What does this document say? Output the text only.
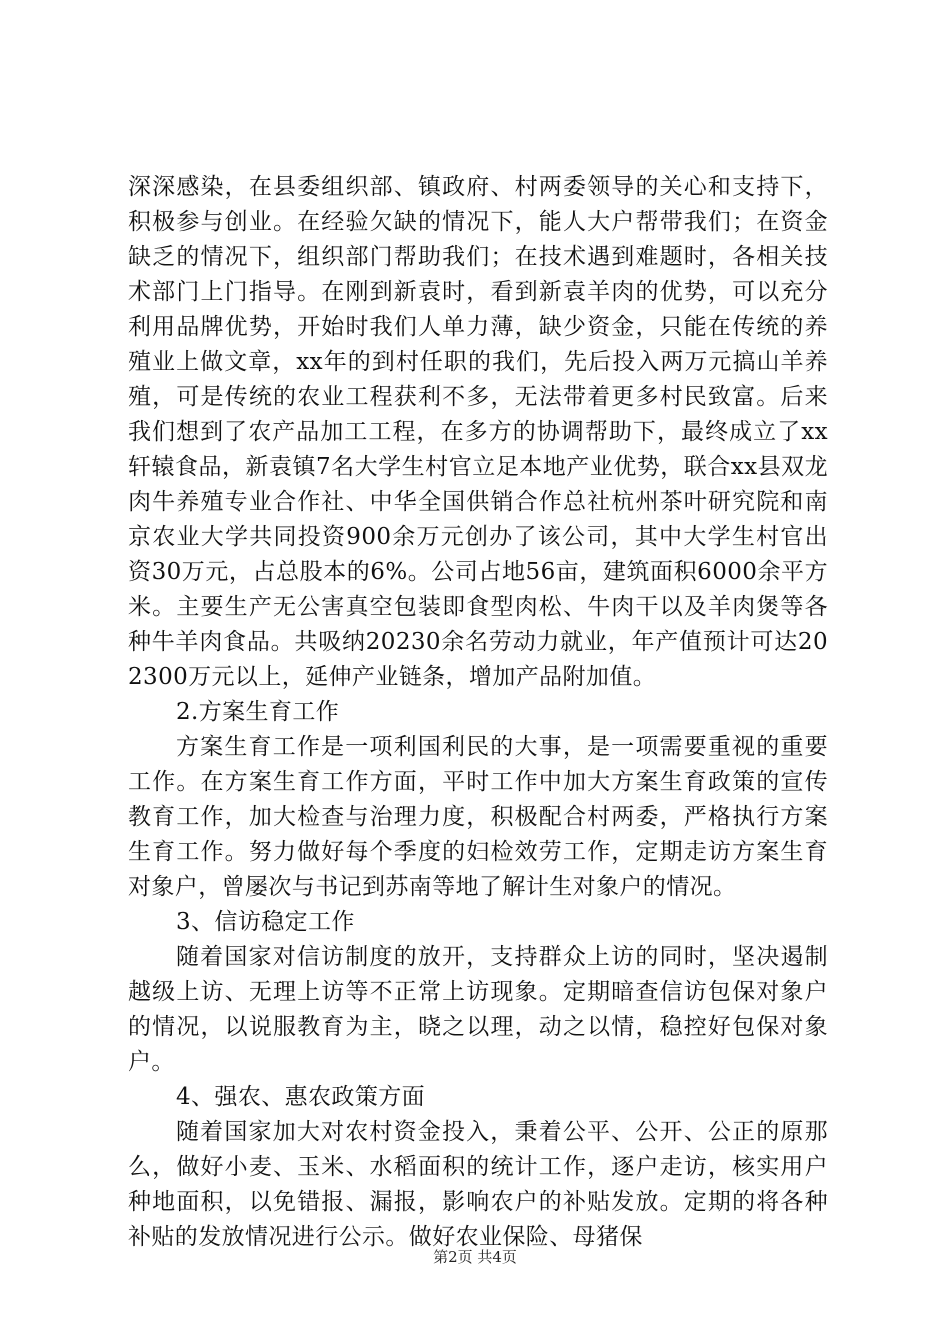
深深感染，在县委组织部、镇政府、村两委领导的关心和支持下，积极参与创业。在经验欠缺的情况下，能人大户帮带我们；在资金缺乏的情况下，组织部门帮助我们；在技术遇到难题时，各相关技术部门上门指导。在刚到新袁时，看到新袁羊肉的优势，可以充分利用品牌优势，开始时我们人单力薄，缺少资金，只能在传统的养殖业上做文章，xx年的到村任职的我们，先后投入两万元搞山羊养殖，可是传统的农业工程获利不多，无法带着更多村民致富。后来我们想到了农产品加工工程，在多方的协调帮助下，最终成立了xx轩辕食品，新袁镇7名大学生村官立足本地产业优势，联合xx县双龙肉牛养殖专业合作社、中华全国供销合作总社杭州茶叶研究院和南京农业大学共同投资900余万元创办了该公司，其中大学生村官出资30万元，占总股本的6%。公司占地56亩，建筑面积6000余平方米。主要生产无公害真空包装即食型肉松、牛肉干以及羊肉煲等各种牛羊肉食品。共吸纳20230余名劳动力就业，年产值预计可达202300万元以上，延伸产业链条，增加产品附加值。

2.方案生育工作

方案生育工作是一项利国利民的大事，是一项需要重视的重要工作。在方案生育工作方面，平时工作中加大方案生育政策的宣传教育工作，加大检查与治理力度，积极配合村两委，严格执行方案生育工作。努力做好每个季度的妇检效劳工作，定期走访方案生育对象户，曾屡次与书记到苏南等地了解计生对象户的情况。

3、信访稳定工作

随着国家对信访制度的放开，支持群众上访的同时，坚决遏制越级上访、无理上访等不正常上访现象。定期暗查信访包保对象户的情况，以说服教育为主，晓之以理，动之以情，稳控好包保对象户。

4、强农、惠农政策方面

随着国家加大对农村资金投入，秉着公平、公开、公正的原那么，做好小麦、玉米、水稻面积的统计工作，逐户走访，核实用户种地面积，以免错报、漏报，影响农户的补贴发放。定期的将各种补贴的发放情况进行公示。做好农业保险、母猪保

第2页 共4页
